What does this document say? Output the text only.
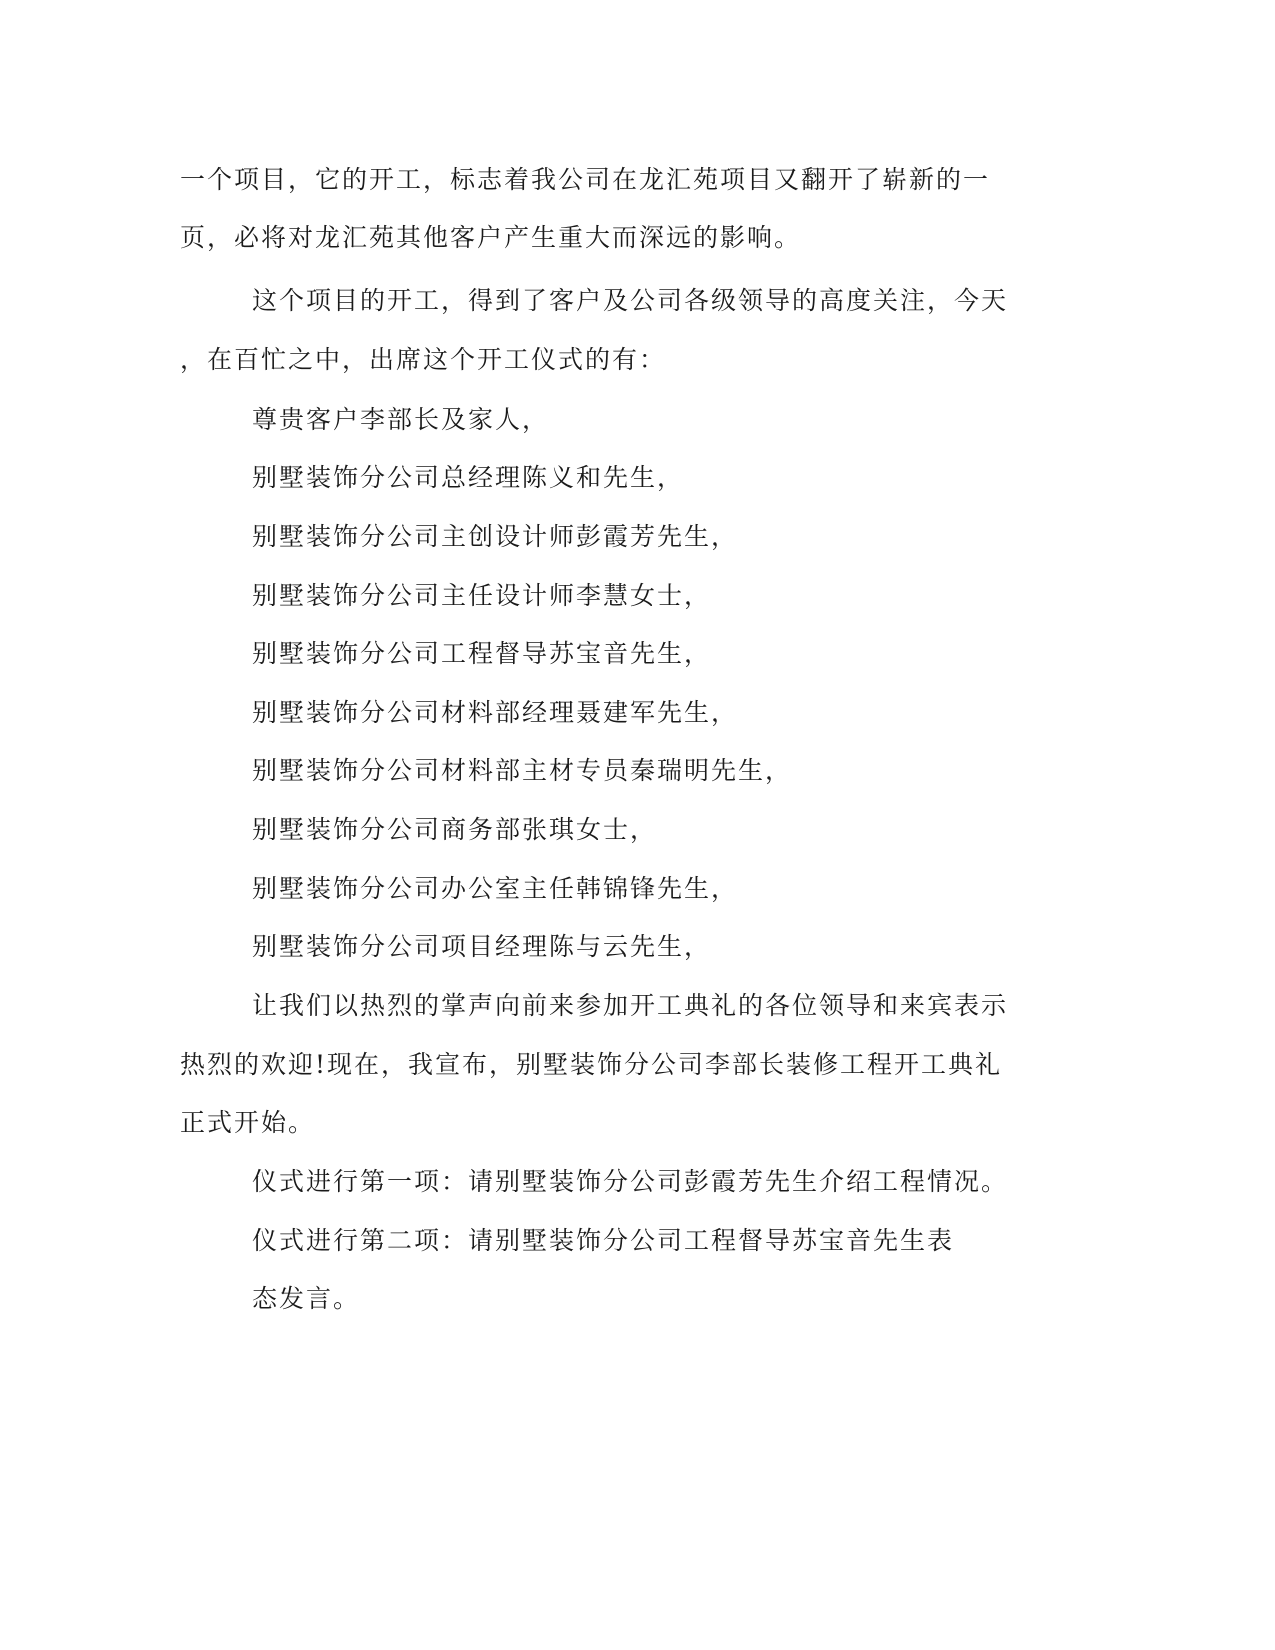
一个项目，它的开工，标志着我公司在龙汇苑项目又翻开了崭新的一
页，必将对龙汇苑其他客户产生重大而深远的影响。
这个项目的开工，得到了客户及公司各级领导的高度关注，今天
，在百忙之中，出席这个开工仪式的有：
尊贵客户李部长及家人，
别墅装饰分公司总经理陈义和先生，
别墅装饰分公司主创设计师彭霞芳先生，
别墅装饰分公司主任设计师李慧女士，
别墅装饰分公司工程督导苏宝音先生，
别墅装饰分公司材料部经理聂建军先生，
别墅装饰分公司材料部主材专员秦瑞明先生，
别墅装饰分公司商务部张琪女士，
别墅装饰分公司办公室主任韩锦锋先生，
别墅装饰分公司项目经理陈与云先生，
让我们以热烈的掌声向前来参加开工典礼的各位领导和来宾表示
热烈的欢迎!现在，我宣布，别墅装饰分公司李部长装修工程开工典礼
正式开始。
仪式进行第一项：请别墅装饰分公司彭霞芳先生介绍工程情况。
仪式进行第二项：请别墅装饰分公司工程督导苏宝音先生表
态发言。
